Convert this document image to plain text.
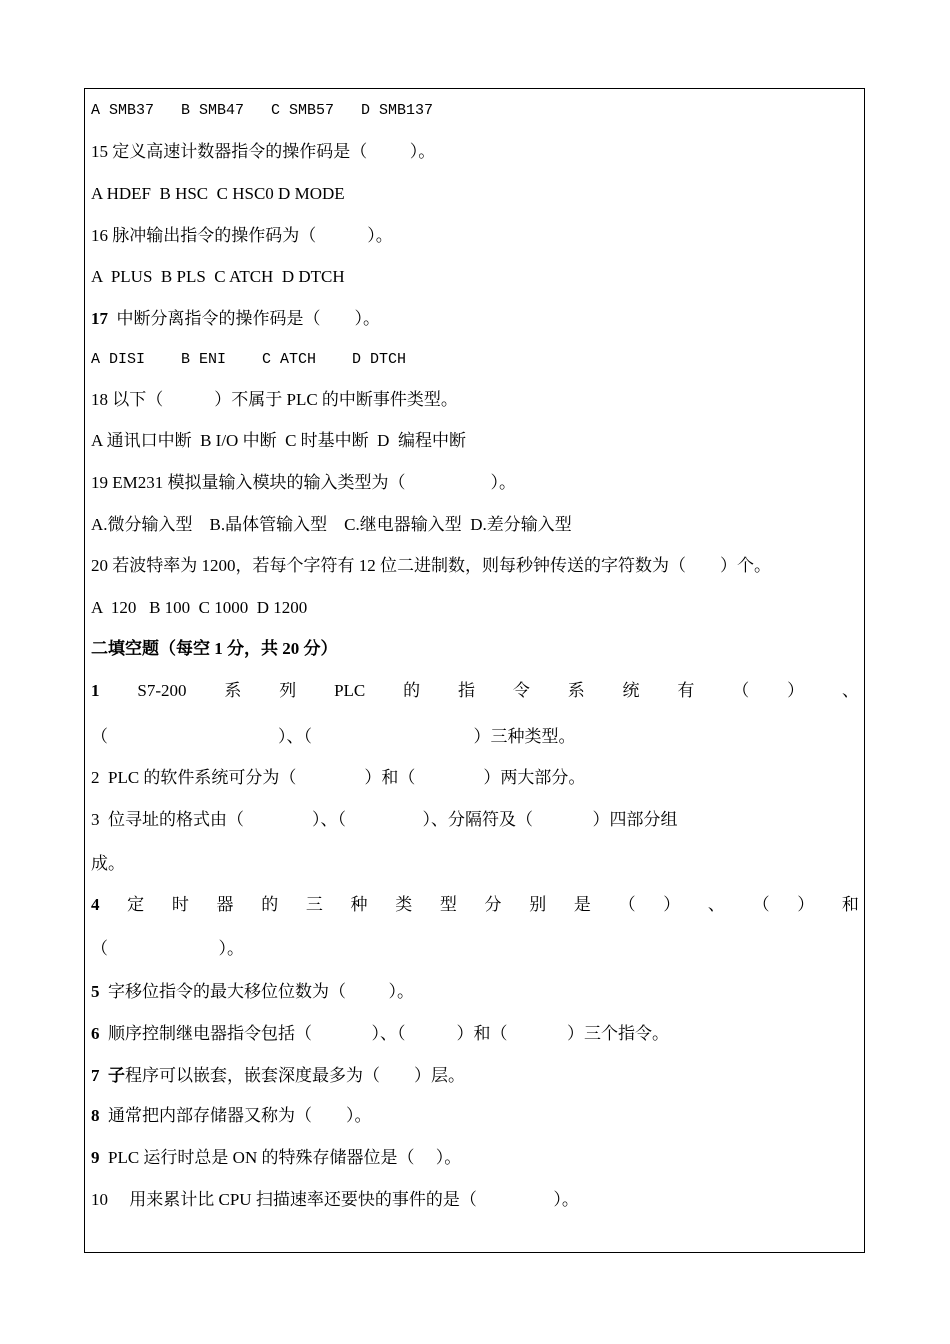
A SMB37   B SMB47   C SMB57   D SMB137
15 定义高速计数器指令的操作码是（          ）。
A HDEF  B HSC  C HSC0 D MODE
16 脉冲输出指令的操作码为（            ）。
A  PLUS  B PLS  C ATCH  D DTCH
17  中断分离指令的操作码是（        ）。
A DISI    B ENI    C ATCH    D DTCH
18 以下（            ）不属于 PLC 的中断事件类型。
A 通讯口中断  B I/O 中断  C 时基中断  D  编程中断
19 EM231 模拟量输入模块的输入类型为（                    ）。
A.微分输入型    B.晶体管输入型    C.继电器输入型  D.差分输入型
20 若波特率为 1200，若每个字符有 12 位二进制数，则每秒钟传送的字符数为（        ）个。
A  120   B 100  C 1000  D 1200
二填空题（每空 1 分，共 20 分）
1 S7-200 系 列 PLC 的 指 令 系 统 有 （ ） 、
（                                        ）、（                                      ）三种类型。
2  PLC 的软件系统可分为（                ）和（                ）两大部分。
3  位寻址的格式由（                ）、（                  ）、分隔符及（              ）四部分组
成。
4 定 时 器 的 三 种 类 型 分 别 是 （ ） 、 （ ） 和
（                          ）。
5  字移位指令的最大移位位数为（          ）。
6  顺序控制继电器指令包括（              ）、（            ）和（              ）三个指令。
7  子程序可以嵌套，嵌套深度最多为（        ）层。
8  通常把内部存储器又称为（        ）。
9  PLC 运行时总是 ON 的特殊存储器位是（     ）。
10     用来累计比 CPU 扫描速率还要快的事件的是（                  ）。
